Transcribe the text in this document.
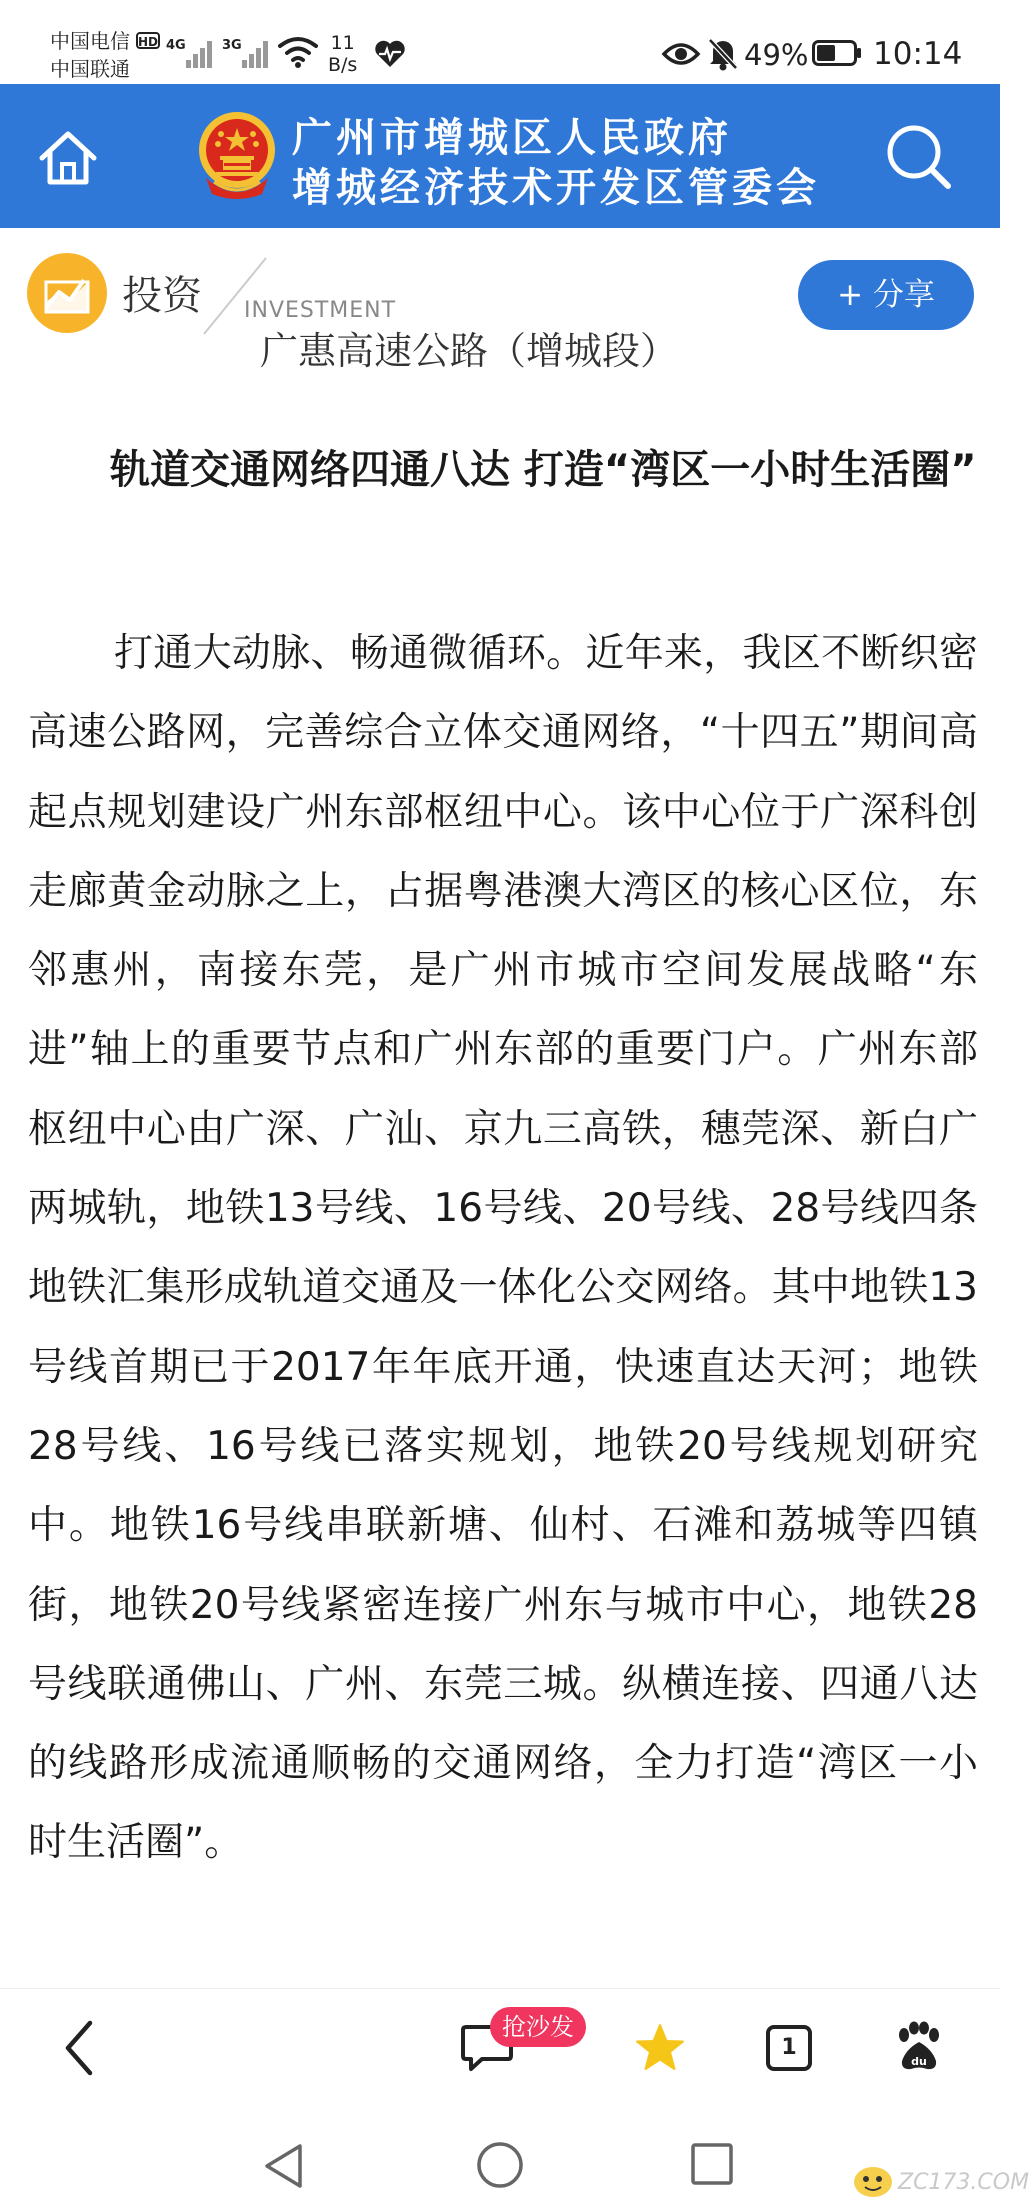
中国电信 HD
中国联通
4G	3G	11
B/s	49% 10:14
广州市增城区人民政府
增城经济技术开发区管委会
投资 INVESTMENT	+ 分享
广惠高速公路（增城段）
轨道交通网络四通八达 打造“湾区一小时生活圈”
打通大动脉、畅通微循环。近年来，我区不断织密高速公路网，完善综合立体交通网络，“十四五”期间高起点规划建设广州东部枢纽中心。该中心位于广深科创走廊黄金动脉之上，占据粤港澳大湾区的核心区位，东邻惠州，南接东莞，是广州市城市空间发展战略“东进”轴上的重要节点和广州东部的重要门户。广州东部枢纽中心由广深、广汕、京九三高铁，穗莞深、新白广两城轨，地铁13号线、16号线、20号线、28号线四条地铁汇集形成轨道交通及一体化公交网络。其中地铁13号线首期已于2017年年底开通，快速直达天河；地铁28号线、16号线已落实规划，地铁20号线规划研究中。地铁16号线串联新塘、仙村、石滩和荔城等四镇街，地铁20号线紧密连接广州东与城市中心，地铁28号线联通佛山、广州、东莞三城。纵横连接、四通八达的线路形成流通顺畅的交通网络，全力打造“湾区一小时生活圈”。
抢沙发
1
du
ZC173.COM
